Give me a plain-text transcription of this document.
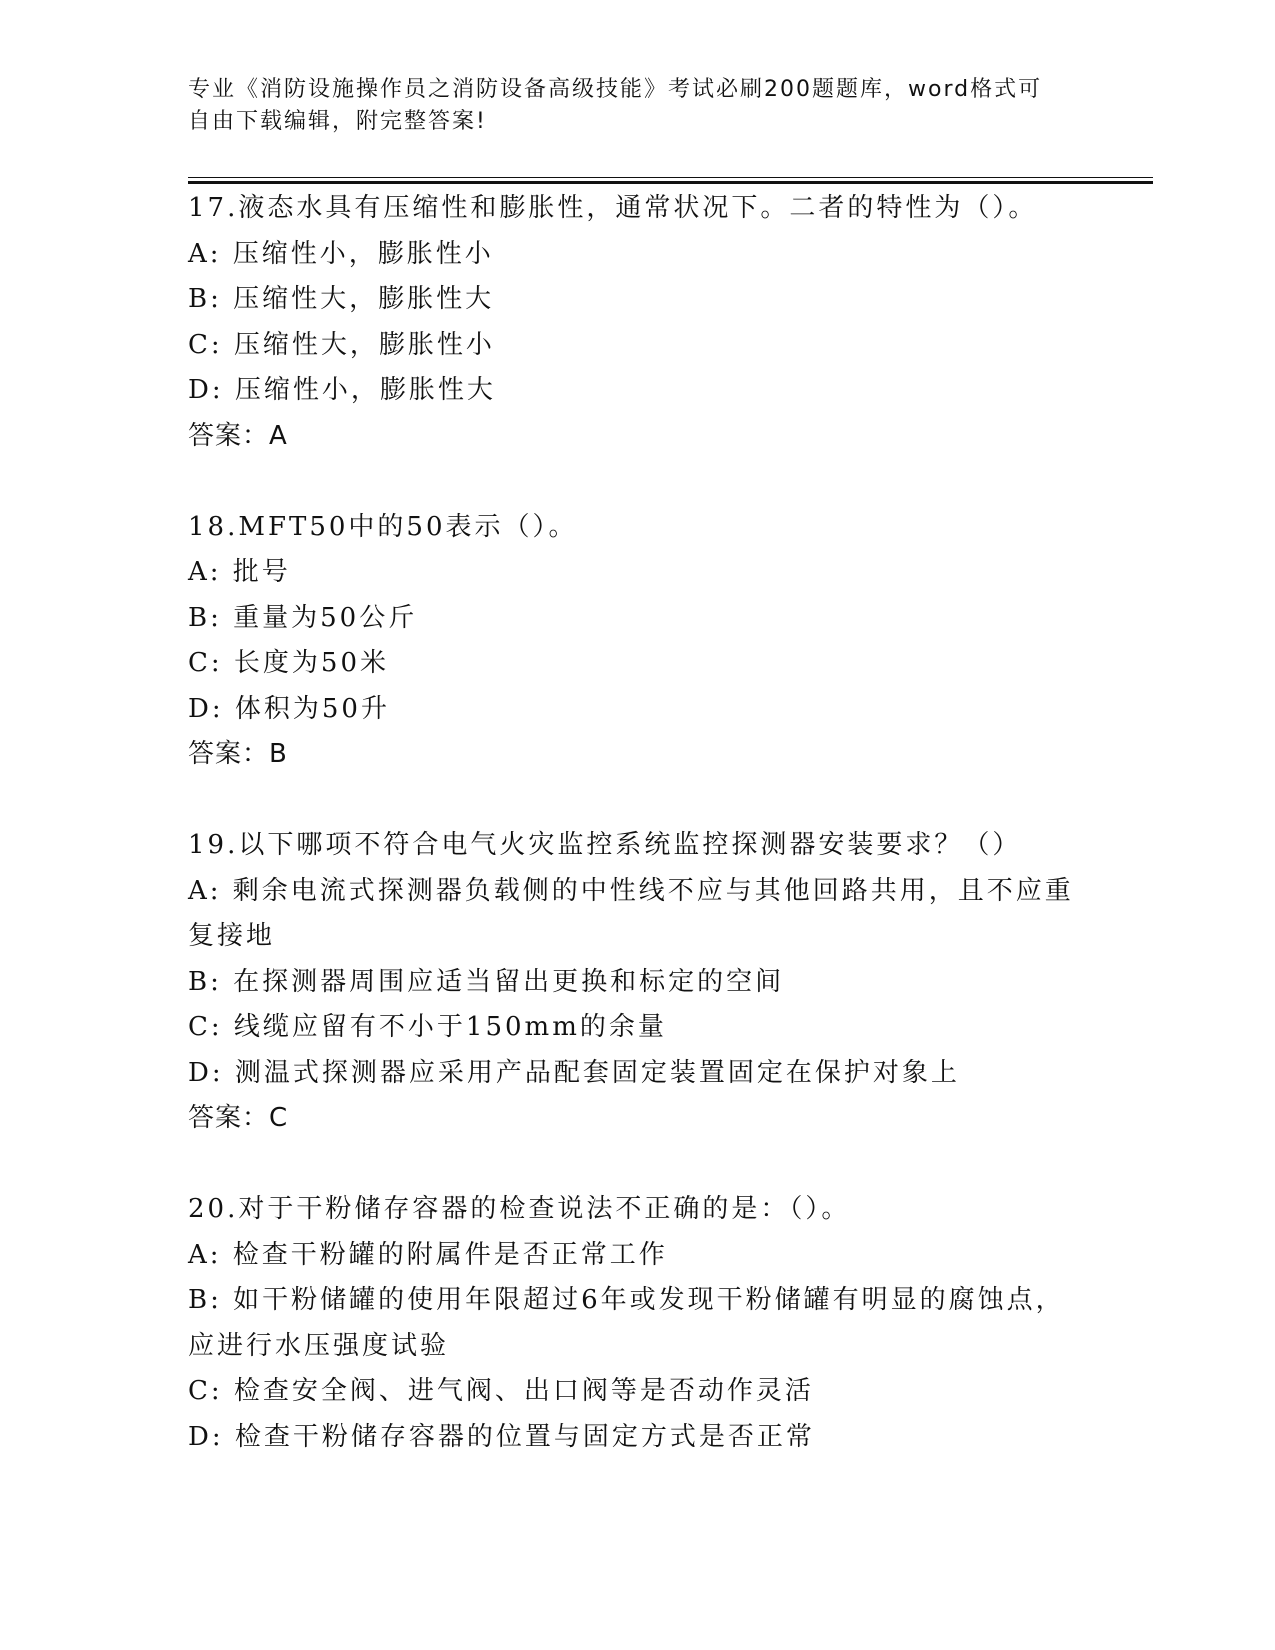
专业《消防设施操作员之消防设备高级技能》考试必刷200题题库，word格式可
自由下载编辑，附完整答案!
17.液态水具有压缩性和膨胀性，通常状况下。二者的特性为（）。
A: 压缩性小，膨胀性小
B: 压缩性大，膨胀性大
C: 压缩性大，膨胀性小
D: 压缩性小，膨胀性大
答案：A
18.MFT50中的50表示（）。
A: 批号
B: 重量为50公斤
C: 长度为50米
D: 体积为50升
答案：B
19.以下哪项不符合电气火灾监控系统监控探测器安装要求？（）
A: 剩余电流式探测器负载侧的中性线不应与其他回路共用，且不应重
复接地
B: 在探测器周围应适当留出更换和标定的空间
C: 线缆应留有不小于150mm的余量
D: 测温式探测器应采用产品配套固定装置固定在保护对象上
答案：C
20.对于干粉储存容器的检查说法不正确的是：（）。
A: 检查干粉罐的附属件是否正常工作
B: 如干粉储罐的使用年限超过6年或发现干粉储罐有明显的腐蚀点，
应进行水压强度试验
C: 检查安全阀、进气阀、出口阀等是否动作灵活
D: 检查干粉储存容器的位置与固定方式是否正常
